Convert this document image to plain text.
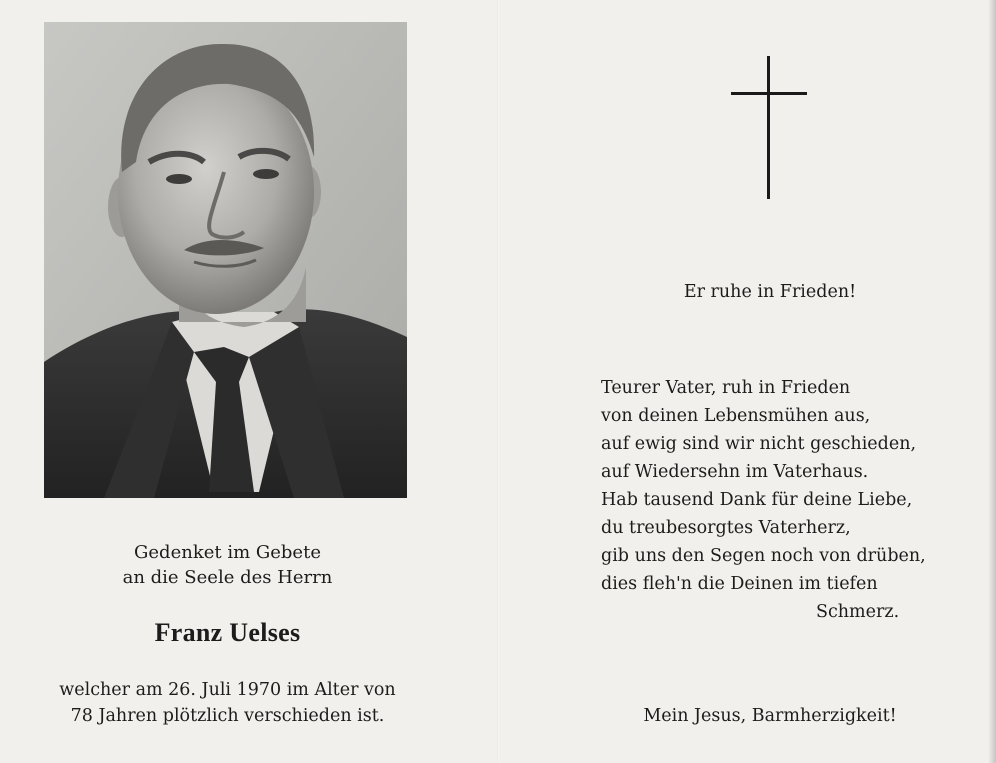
Gedenket im Gebete
an die Seele des Herrn
Franz Uelses
welcher am 26. Juli 1970 im Alter von
78 Jahren plötzlich verschieden ist.
Er ruhe in Frieden!
Teurer Vater, ruh in Frieden
von deinen Lebensmühen aus,
auf ewig sind wir nicht geschieden,
auf Wiedersehn im Vaterhaus.
Hab tausend Dank für deine Liebe,
du treubesorgtes Vaterherz,
gib uns den Segen noch von drüben,
dies fleh'n die Deinen im tiefen
Schmerz.
Mein Jesus, Barmherzigkeit!
